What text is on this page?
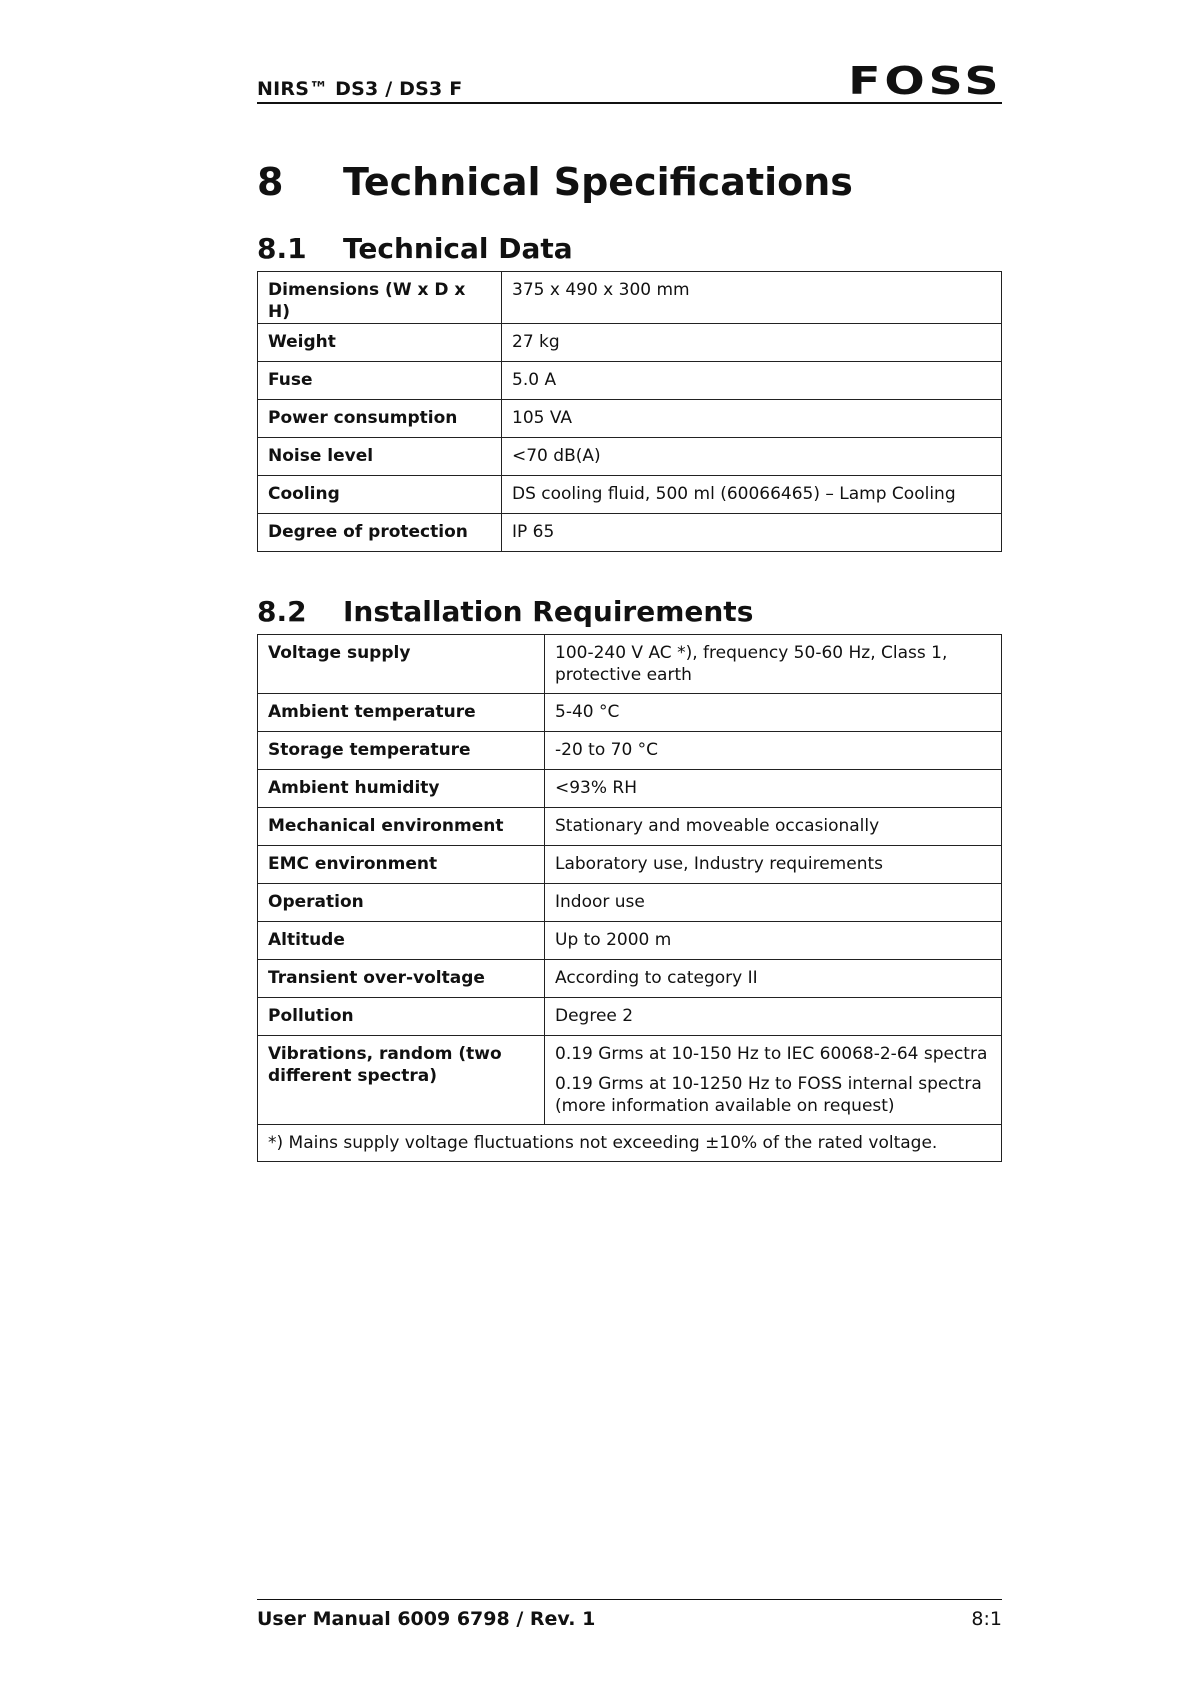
NIRS™ DS3 / DS3 F	FOSS
8 Technical Specifications
8.1 Technical Data
Dimensions (W x D x H)	375 x 490 x 300 mm
Weight	27 kg
Fuse	5.0 A
Power consumption	105 VA
Noise level	<70 dB(A)
Cooling	DS cooling fluid, 500 ml (60066465) – Lamp Cooling
Degree of protection	IP 65
8.2 Installation Requirements
Voltage supply	100-240 V AC *), frequency 50-60 Hz, Class 1, protective earth
Ambient temperature	5-40 °C
Storage temperature	-20 to 70 °C
Ambient humidity	<93% RH
Mechanical environment	Stationary and moveable occasionally
EMC environment	Laboratory use, Industry requirements
Operation	Indoor use
Altitude	Up to 2000 m
Transient over-voltage	According to category II
Pollution	Degree 2
Vibrations, random (two different spectra)	0.19 Grms at 10-150 Hz to IEC 60068-2-64 spectra

0.19 Grms at 10-1250 Hz to FOSS internal spectra (more information available on request)

*) Mains supply voltage fluctuations not exceeding ±10% of the rated voltage.	
User Manual 6009 6798 / Rev. 1	8:1
